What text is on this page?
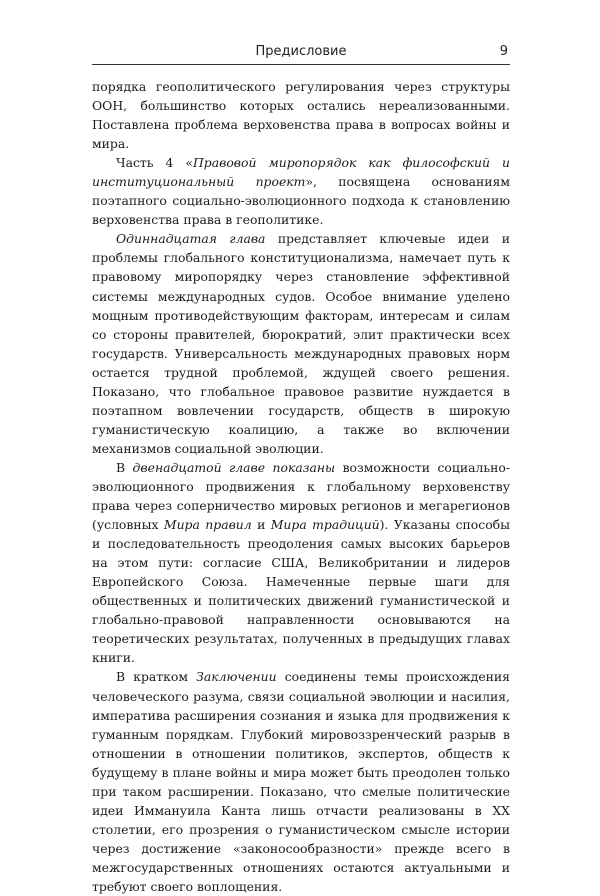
Предисловие	9

порядка геополитического регулирования через структуры ООН, большинство которых остались нереализованными. Поставлена проблема верховенства права в вопросах войны и мира.

Часть 4 «Правовой миропорядок как философский и институциональный проект», посвящена основаниям поэтапного социально-эволюционного подхода к становлению верховенства права в геополитике.

Одиннадцатая глава представляет ключевые идеи и проблемы глобального конституционализма, намечает путь к правовому миропорядку через становление эффективной системы международных судов. Особое внимание уделено мощным противодействующим факторам, интересам и силам со стороны правителей, бюрократий, элит практически всех государств. Универсальность международных правовых норм остается трудной проблемой, ждущей своего решения. Показано, что глобальное правовое развитие нуждается в поэтапном вовлечении государств, обществ в широкую гуманистическую коалицию, а также во включении механизмов социальной эволюции.

В двенадцатой главе показаны возможности социально-эволюционного продвижения к глобальному верховенству права через соперничество мировых регионов и мегарегионов (условных Мира правил и Мира традиций). Указаны способы и последовательность преодоления самых высоких барьеров на этом пути: согласие США, Великобритании и лидеров Европейского Союза. Намеченные первые шаги для общественных и политических движений гуманистической и глобально-правовой направленности основываются на теоретических результатах, полученных в предыдущих главах книги.

В кратком Заключении соединены темы происхождения человеческого разума, связи социальной эволюции и насилия, императива расширения сознания и языка для продвижения к гуманным порядкам. Глубокий мировоззренческий разрыв в отношении в отношении политиков, экспертов, обществ к будущему в плане войны и мира может быть преодолен только при таком расширении. Показано, что смелые политические идеи Иммануила Канта лишь отчасти реализованы в XX столетии, его прозрения о гуманистическом смысле истории через достижение «законосообразности» прежде всего в межгосударственных отношениях остаются актуальными и требуют своего воплощения.
